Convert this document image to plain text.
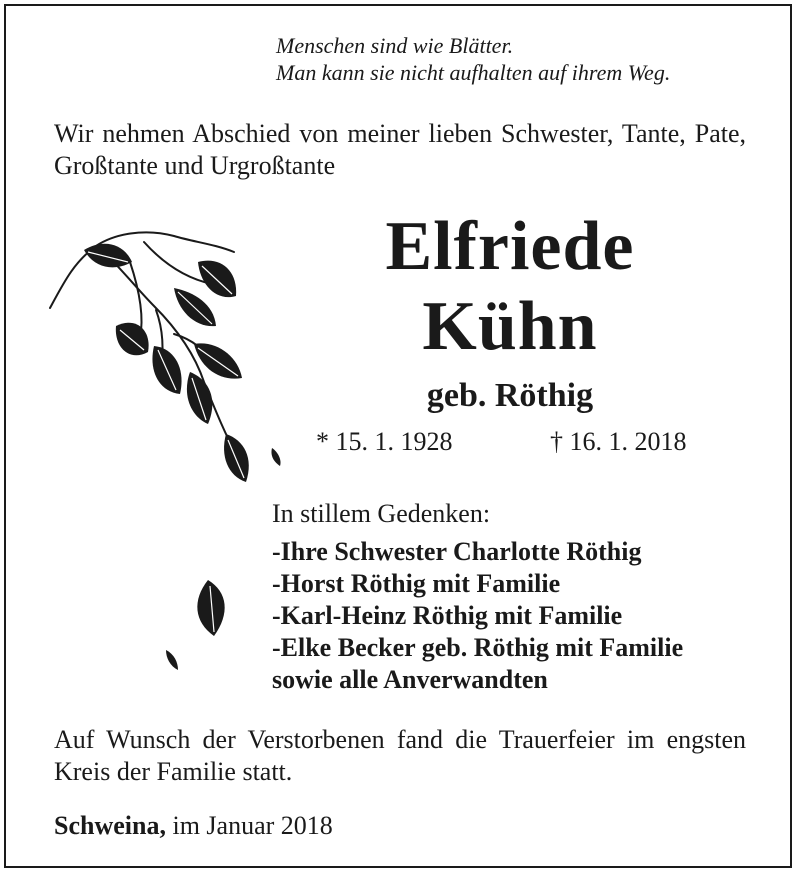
Menschen sind wie Blätter.
Man kann sie nicht aufhalten auf ihrem Weg.
Wir nehmen Abschied von meiner lieben Schwester, Tante, Pate, Großtante und Urgroßtante
Elfriede
Kühn
geb. Röthig
* 15. 1. 1928	† 16. 1. 2018
In stillem Gedenken:
-Ihre Schwester Charlotte Röthig
-Horst Röthig mit Familie
-Karl-Heinz Röthig mit Familie
-Elke Becker geb. Röthig mit Familie
sowie alle Anverwandten
Auf Wunsch der Verstorbenen fand die Trauerfeier im engsten Kreis der Familie statt.
Schweina, im Januar 2018
